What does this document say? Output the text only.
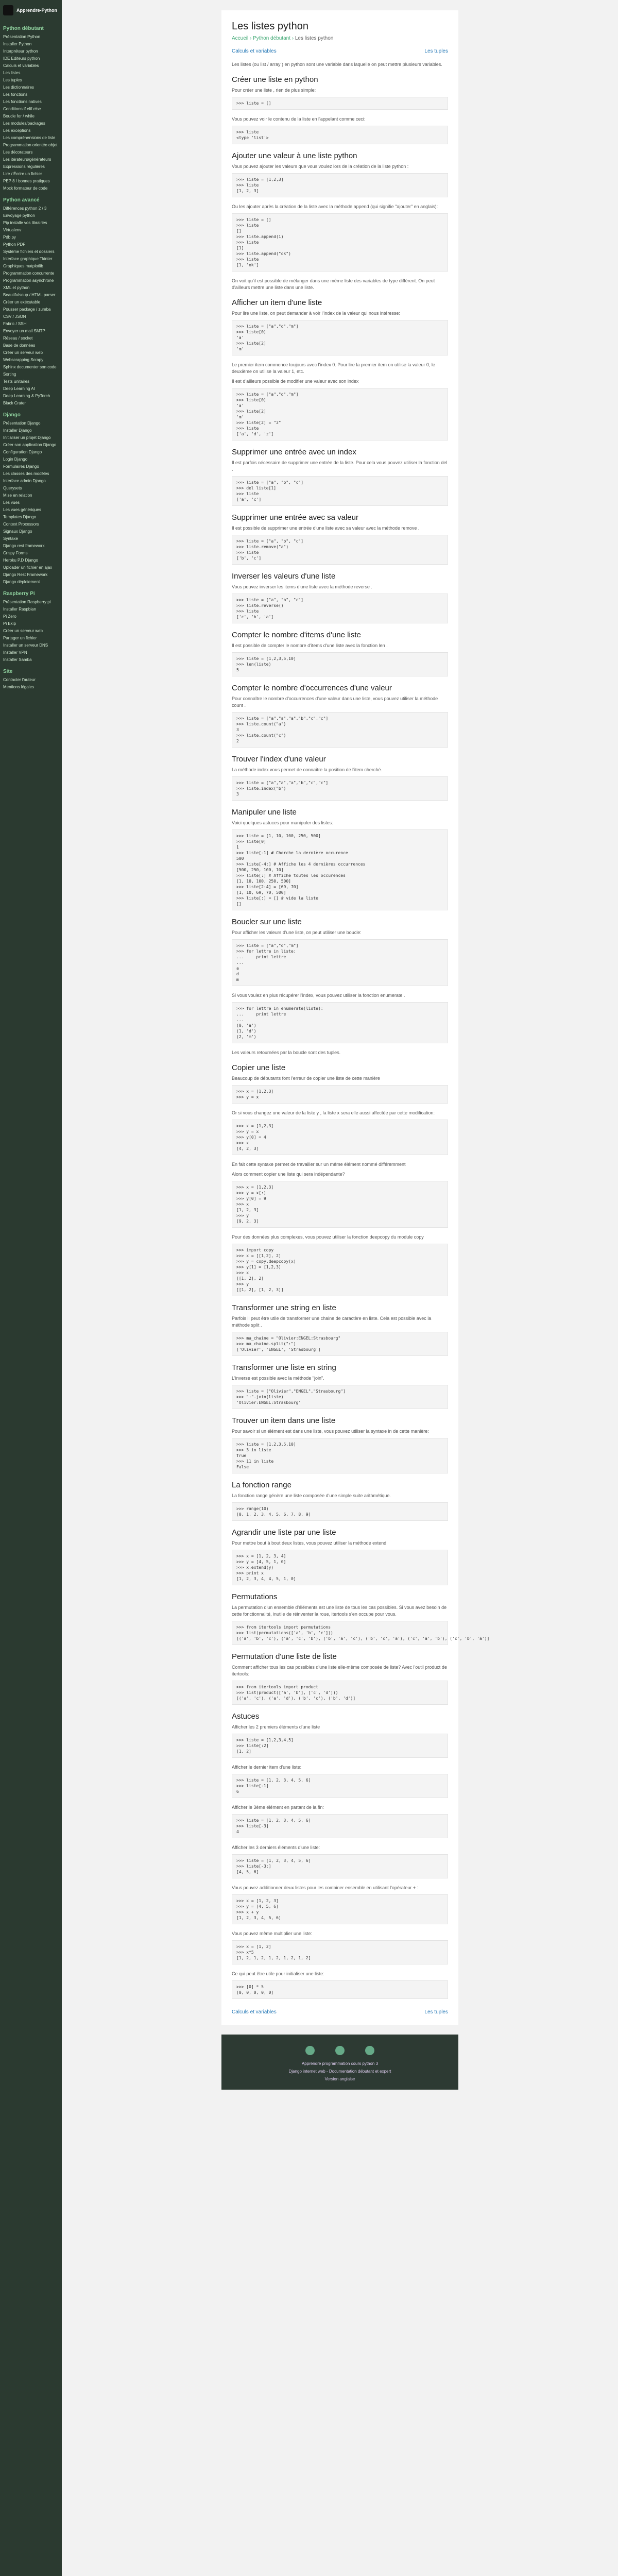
Apprendre-Python
Python débutant
Présentation Python
Installer Python
Interpréteur python
IDE Editeurs python
Calculs et variables
Les listes
Les tuples
Les dictionnaires
Les fonctions
Les fonctions natives
Conditions if elif else
Boucle for / while
Les modules/packages
Les exceptions
Les compréhensions de liste
Programmation orientée objet
Les décorateurs
Les itérateurs/générateurs
Expressions régulières
Lire / Écrire un fichier
PEP 8 / bonnes pratiques
Mock formateur de code
Python avancé
Différences python 2 / 3
Envoyage python
Pip installe vos librairies
Virtualenv
Pdb.py
Python PDF
Système fichiers et dossiers
Interface graphique Tkinter
Graphiques matplotlib
Programmation concurrente
Programmation asynchrone
XML et python
Beautifulsoup / HTML parser
Créer un exécutable
Pousser package / zumba
CSV / JSON
Fabric / SSH
Envoyer un mail SMTP
Réseau / socket
Base de données
Créer un serveur web
Webscrapping Scrapy
Sphinx documenter son code
Sorting
Tests unitaires
Deep Learning AI
Deep Learning & PyTorch
Black Crater
Django
Présentation Django
Installer Django
Initialiser un projet Django
Créer son application Django
Configuration Django
Login Django
Formulaires Django
Les classes des modèles
Interface admin Django
Querysets
Mise en relation
Les vues
Les vues génériques
Templates Django
Context Processors
Signaux Django
Syntaxe
Django rest framework
Crispy Forms
Heroku P.D Django
Uploader un fichier en ajax
Django Rest Framework
Django déploiement
Raspberry Pi
Présentation Raspberry pi
Installer Raspbian
Pi Zero
Pi Ekip
Créer un serveur web
Partager un fichier
Installer un serveur DNS
Installer VPN
Installer Samba
Site
Contacter l'auteur
Mentions légales
Les listes python
Accueil › Python débutant › Les listes python
Calculs et variables	Les tuples

Les listes (ou list / array ) en python sont une variable dans laquelle on peut mettre plusieurs variables.

Créer une liste en python

Pour créer une liste , rien de plus simple:

>>> liste = []

Vous pouvez voir le contenu de la liste en l'appelant comme ceci:

>>> liste
<type 'list'>
Ajouter une valeur à une liste python

Vous pouvez ajouter les valeurs que vous voulez lors de la création de la liste python :

>>> liste = [1,2,3]
>>> liste
[1, 2, 3]

Ou les ajouter après la création de la liste avec la méthode append (qui signifie "ajouter" en anglais):

>>> liste = []
>>> liste
[]
>>> liste.append(1)
>>> liste
[1]
>>> liste.append("ok")
>>> liste
[1, 'ok']

On voit qu'il est possible de mélanger dans une même liste des variables de type différent. On peut d'ailleurs mettre une liste dans une liste.

Afficher un item d'une liste

Pour lire une liste, on peut demander à voir l'index de la valeur qui nous intéresse:

>>> liste = ["a","d","m"]
>>> liste[0]
'a'
>>> liste[2]
'm'

Le premier item commence toujours avec l'index 0. Pour lire la premier item on utilise la valeur 0, le deuxième on utilise la valeur 1, etc.

Il est d'ailleurs possible de modifier une valeur avec son index

>>> liste = ["a","d","m"]
>>> liste[0]
'a'
>>> liste[2]
'm'
>>> liste[2] = "z"
>>> liste
['a', 'd', 'z']
Supprimer une entrée avec un index

Il est parfois nécessaire de supprimer une entrée de la liste. Pour cela vous pouvez utiliser la fonction del .

>>> liste = ["a", "b", "c"]
>>> del liste[1]
>>> liste
['a', 'c']
Supprimer une entrée avec sa valeur

Il est possible de supprimer une entrée d'une liste avec sa valeur avec la méthode remove .

>>> liste = ["a", "b", "c"]
>>> liste.remove("a")
>>> liste
['b', 'c']
Inverser les valeurs d'une liste

Vous pouvez inverser les items d'une liste avec la méthode reverse .

>>> liste = ["a", "b", "c"]
>>> liste.reverse()
>>> liste
['c', 'b', 'a']
Compter le nombre d'items d'une liste

Il est possible de compter le nombre d'items d'une liste avec la fonction len .

>>> liste = [1,2,3,5,10]
>>> len(liste)
5
Compter le nombre d'occurrences d'une valeur

Pour connaître le nombre d'occurrences d'une valeur dans une liste, vous pouvez utiliser la méthode count .

>>> liste = ["a","a","a","b","c","c"]
>>> liste.count("a")
3
>>> liste.count("c")
2
Trouver l'index d'une valeur

La méthode index vous permet de connaître la position de l'item cherché.

>>> liste = ["a","a","a","b","c","c"]
>>> liste.index("b")
3
Manipuler une liste

Voici quelques astuces pour manipuler des listes:

>>> liste = [1, 10, 100, 250, 500]
>>> liste[0]
1
>>> liste[-1] # Cherche la dernière occurence
500
>>> liste[-4:] # Affiche les 4 dernières occurrences
[500, 250, 100, 10]
>>> liste[:] # Affiche toutes les occurences
[1, 10, 100, 250, 500]
>>> liste[2:4] = [69, 70]
[1, 10, 69, 70, 500]
>>> liste[:] = [] # vide la liste
[]
Boucler sur une liste

Pour afficher les valeurs d'une liste, on peut utiliser une boucle:

>>> liste = ["a","d","m"]
>>> for lettre in liste:
...     print lettre
...
a
d
m

Si vous voulez en plus récupérer l'index, vous pouvez utiliser la fonction enumerate .

>>> for lettre in enumerate(liste):
...     print lettre
...
(0, 'a')
(1, 'd')
(2, 'm')

Les valeurs retournées par la boucle sont des tuples.

Copier une liste

Beaucoup de débutants font l'erreur de copier une liste de cette manière

>>> x = [1,2,3]
>>> y = x

Or si vous changez une valeur de la liste y , la liste x sera elle aussi affectée par cette modification:

>>> x = [1,2,3]
>>> y = x
>>> y[0] = 4
>>> x
[4, 2, 3]

En fait cette syntaxe permet de travailler sur un même élément nommé différemment

Alors comment copier une liste qui sera indépendante?

>>> x = [1,2,3]
>>> y = x[:]
>>> y[0] = 9
>>> x
[1, 2, 3]
>>> y
[9, 2, 3]

Pour des données plus complexes, vous pouvez utiliser la fonction deepcopy du module copy

>>> import copy
>>> x = [[1,2], 2]
>>> y = copy.deepcopy(x)
>>> y[1] = [1,2,3]
>>> x
[[1, 2], 2]
>>> y
[[1, 2], [1, 2, 3]]
Transformer une string en liste

Parfois il peut être utile de transformer une chaine de caractère en liste. Cela est possible avec la méthode split .

>>> ma_chaine = "Olivier:ENGEL:Strasbourg"
>>> ma_chaine.split(":")
['Olivier', 'ENGEL', 'Strasbourg']
Transformer une liste en string

L'inverse est possible avec la méthode "join".

>>> liste = ["Olivier","ENGEL","Strasbourg"]
>>> ":".join(liste)
'Olivier:ENGEL:Strasbourg'
Trouver un item dans une liste

Pour savoir si un élément est dans une liste, vous pouvez utiliser la syntaxe in de cette manière:

>>> liste = [1,2,3,5,10]
>>> 3 in liste
True
>>> 11 in liste
False
La fonction range

La fonction range génère une liste composée d'une simple suite arithmétique.

>>> range(10)
[0, 1, 2, 3, 4, 5, 6, 7, 8, 9]
Agrandir une liste par une liste

Pour mettre bout à bout deux listes, vous pouvez utiliser la méthode extend

>>> x = [1, 2, 3, 4]
>>> y = [4, 5, 1, 0]
>>> x.extend(y)
>>> print x
[1, 2, 3, 4, 4, 5, 1, 0]
Permutations

La permutation d'un ensemble d'éléments est une liste de tous les cas possibles. Si vous avez besoin de cette fonctionnalité, inutile de réinventer la roue, itertools s'en occupe pour vous.

>>> from itertools import permutations
>>> list(permutations(['a', 'b', 'c']))
[('a', 'b', 'c'), ('a', 'c', 'b'), ('b', 'a', 'c'), ('b', 'c', 'a'), ('c', 'a', 'b'), ('c', 'b', 'a')]
Permutation d'une liste de liste

Comment afficher tous les cas possibles d'une liste elle-même composée de liste? Avec l'outil product de itertools:

>>> from itertools import product
>>> list(product(['a', 'b'], ['c', 'd']))
[('a', 'c'), ('a', 'd'), ('b', 'c'), ('b', 'd')]
Astuces

Afficher les 2 premiers éléments d'une liste

>>> liste = [1,2,3,4,5]
>>> liste[:2]
[1, 2]

Afficher le dernier item d'une liste:

>>> liste = [1, 2, 3, 4, 5, 6]
>>> liste[-1]
6

Afficher le 3ème élément en partant de la fin:

>>> liste = [1, 2, 3, 4, 5, 6]
>>> liste[-3]
4

Afficher les 3 derniers éléments d'une liste:

>>> liste = [1, 2, 3, 4, 5, 6]
>>> liste[-3:]
[4, 5, 6]

Vous pouvez additionner deux listes pour les combiner ensemble en utilisant l'opérateur + :

>>> x = [1, 2, 3]
>>> y = [4, 5, 6]
>>> x + y
[1, 2, 3, 4, 5, 6]

Vous pouvez même multiplier une liste:

>>> x = [1, 2]
>>> x*5
[1, 2, 1, 2, 1, 2, 1, 2, 1, 2]

Ce qui peut être utile pour initialiser une liste:

>>> [0] * 5
[0, 0, 0, 0, 0]
Calculs et variables	Les tuples

Apprendre programmation cours python 3

Django internet web - Documentation débutant et expert

Version anglaise
